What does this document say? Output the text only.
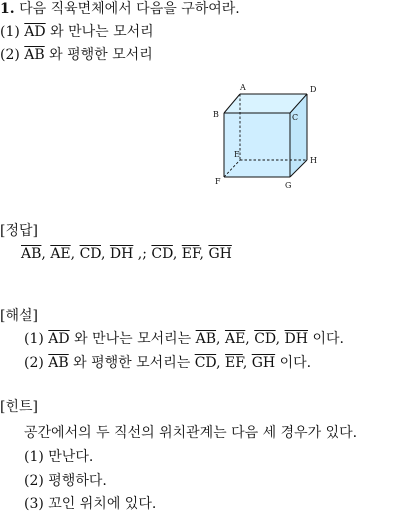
1. 다음 직육면체에서 다음을 구하여라.
(1) $\overline{AD}$ 와 만나는 모서리
(2) $\overline{AB}$ 와 평행한 모서리
A	D
B	C
E
H
F	G
[정답]
$\overline{AB}$, $\overline{AE}$, $\overline{CD}$, $\overline{DH}$ ,; $\overline{CD}$, $\overline{EF}$, $\overline{GH}$
[해설]
(1) $\overline{AD}$ 와 만나는 모서리는 $\overline{AB}$, $\overline{AE}$, $\overline{CD}$, $\overline{DH}$ 이다.
(2) $\overline{AB}$ 와 평행한 모서리는 $\overline{CD}$, $\overline{EF}$, $\overline{GH}$ 이다.
[힌트]
공간에서의 두 직선의 위치관계는 다음 세 경우가 있다.
(1) 만난다.
(2) 평행하다.
(3) 꼬인 위치에 있다.
